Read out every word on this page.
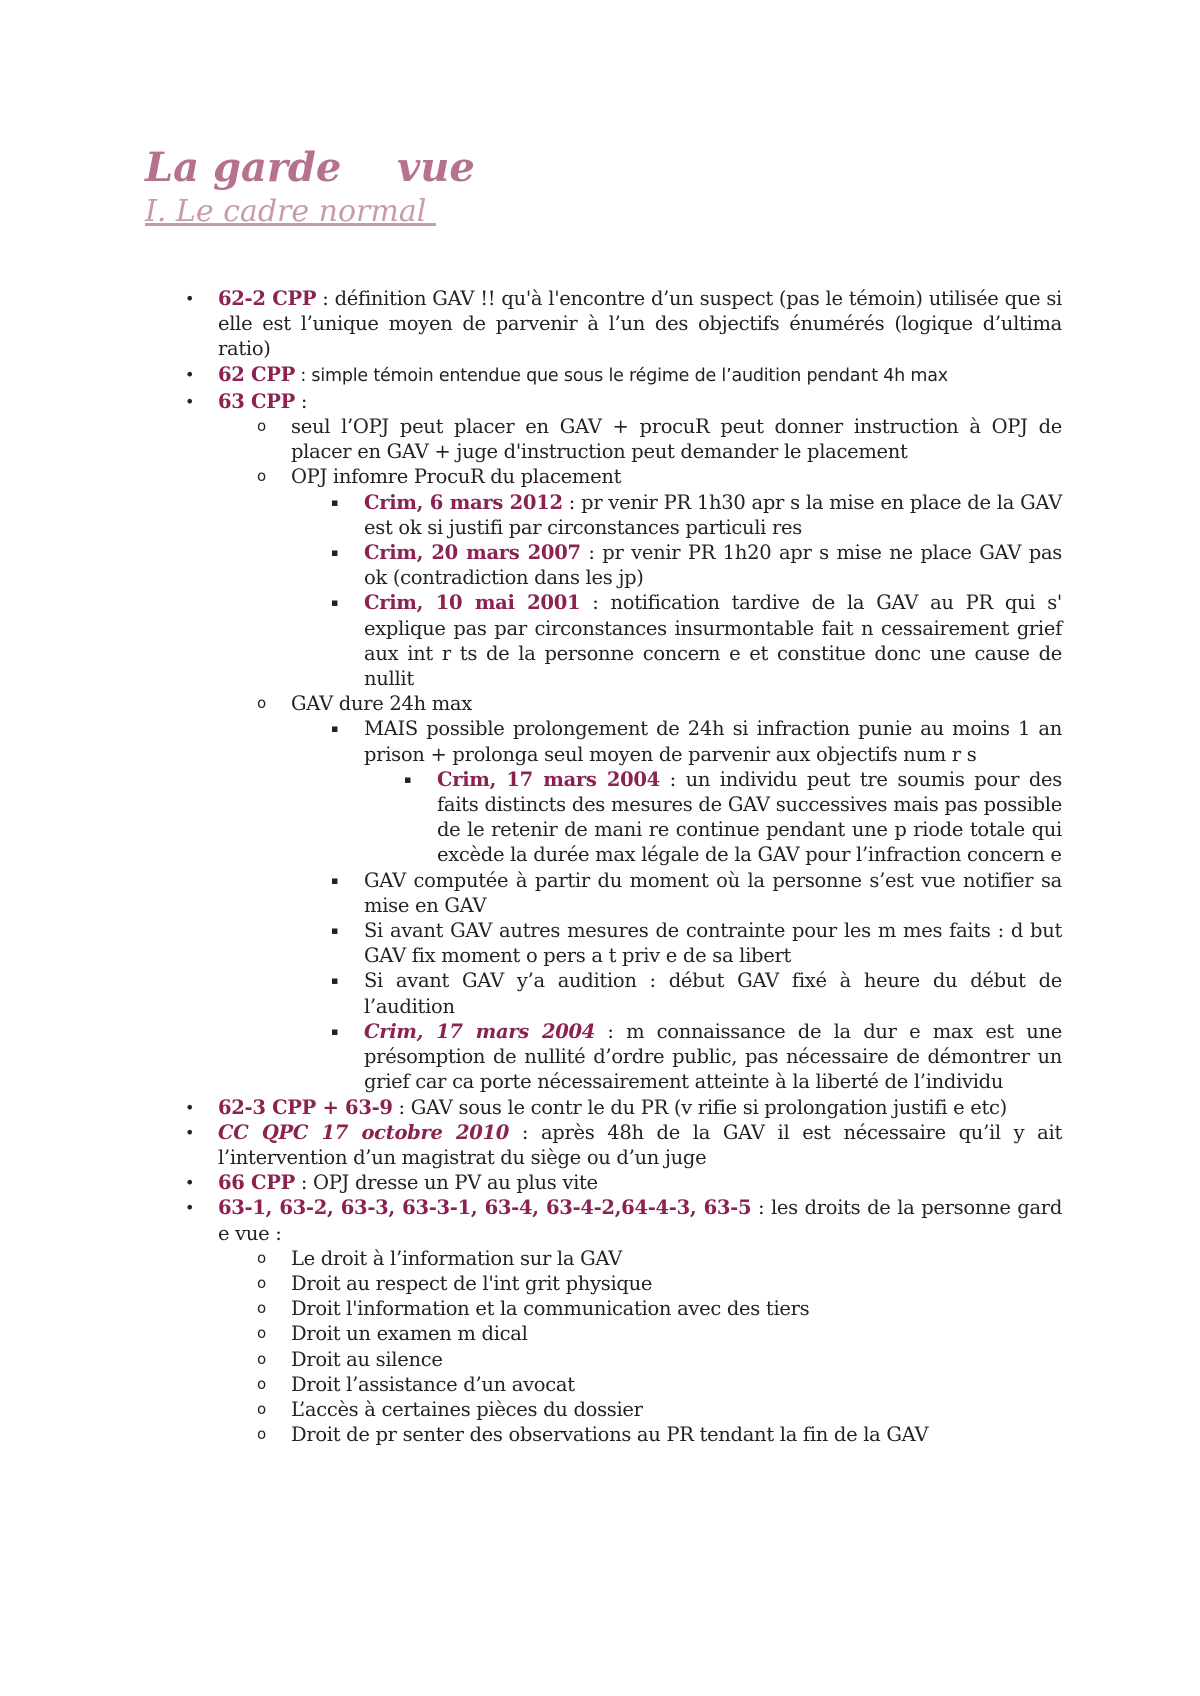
La garde    vue
I. Le cadre normal
• 62-2 CPP : définition GAV !! qu'à l'encontre d’un suspect (pas le témoin) utilisée que si elle est l’unique moyen de parvenir à l’un des objectifs énumérés (logique d’ultima ratio)
• 62 CPP : simple témoin entendue que sous le régime de l’audition pendant 4h max
• 63 CPP :
o seul l’OPJ peut placer en GAV + procuR peut donner instruction à OPJ de placer en GAV + juge d'instruction peut demander le placement
o OPJ infomre ProcuR du placement
▪ Crim, 6 mars 2012 : pr venir PR 1h30 apr s la mise en place de la GAV est ok si justifi par circonstances particuli res
▪ Crim, 20 mars 2007 : pr venir PR 1h20 apr s mise ne place GAV pas ok (contradiction dans les jp)
▪ Crim, 10 mai 2001 : notification tardive de la GAV au PR qui s' explique pas par circonstances insurmontable fait n cessairement grief aux int r ts de la personne concern e et constitue donc une cause de nullit
o GAV dure 24h max
▪ MAIS possible prolongement de 24h si infraction punie au moins 1 an prison + prolonga seul moyen de parvenir aux objectifs num r s
▪ Crim, 17 mars 2004 : un individu peut tre soumis pour des faits distincts des mesures de GAV successives mais pas possible de le retenir de mani re continue pendant une p riode totale qui excède la durée max légale de la GAV pour l’infraction concern e
▪ GAV computée à partir du moment où la personne s’est vue notifier sa mise en GAV
▪ Si avant GAV autres mesures de contrainte pour les m mes faits : d but GAV fix moment o pers a t priv e de sa libert
▪ Si avant GAV y’a audition : début GAV fixé à heure du début de l’audition
▪ Crim, 17 mars 2004 : m connaissance de la dur e max est une présomption de nullité d’ordre public, pas nécessaire de démontrer un grief car ca porte nécessairement atteinte à la liberté de l’individu
• 62-3 CPP + 63-9 : GAV sous le contr le du PR (v rifie si prolongation justifi e etc)
• CC QPC 17 octobre 2010 : après 48h de la GAV il est nécessaire qu’il y ait l’intervention d’un magistrat du siège ou d’un juge
• 66 CPP : OPJ dresse un PV au plus vite
• 63-1, 63-2, 63-3, 63-3-1, 63-4, 63-4-2,64-4-3, 63-5 : les droits de la personne gard e vue :
o Le droit à l’information sur la GAV
o Droit au respect de l'int grit physique
o Droit l'information et la communication avec des tiers
o Droit un examen m dical
o Droit au silence
o Droit l’assistance d’un avocat
o L’accès à certaines pièces du dossier
o Droit de pr senter des observations au PR tendant la fin de la GAV
